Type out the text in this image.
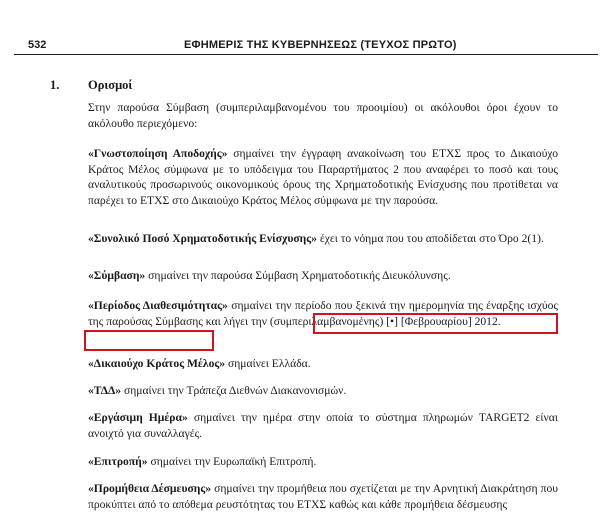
532	ΕΦΗΜΕΡΙΣ ΤΗΣ ΚΥΒΕΡΝΗΣΕΩΣ (ΤΕΥΧΟΣ ΠΡΩΤΟ)
1. Ορισμοί

Στην παρούσα Σύμβαση (συμπεριλαμβανομένου του προοιμίου) οι ακόλουθοι όροι έχουν το ακόλουθο περιεχόμενο:

«Γνωστοποίηση Αποδοχής» σημαίνει την έγγραφη ανακοίνωση του ΕΤΧΣ προς το Δικαιούχο Κράτος Μέλος σύμφωνα με το υπόδειγμα του Παραρτήματος 2 που αναφέρει το ποσό και τους αναλυτικούς προσωρινούς οικονομικούς όρους της Χρηματοδοτικής Ενίσχυσης που προτίθεται να παρέχει το ΕΤΧΣ στο Δικαιούχο Κράτος Μέλος σύμφωνα με την παρούσα.

«Συνολικό Ποσό Χρηματοδοτικής Ενίσχυσης» έχει το νόημα που του αποδίδεται στο Όρο 2(1).

«Σύμβαση» σημαίνει την παρούσα Σύμβαση Χρηματοδοτικής Διευκόλυνσης.

«Περίοδος Διαθεσιμότητας» σημαίνει την περίοδο που ξεκινά την ημερομηνία της έναρξης ισχύος της παρούσας Σύμβασης και λήγει την (συμπεριλαμβανομένης) [•] [Φεβρουαρίου] 2012.

«Δικαιούχο Κράτος Μέλος» σημαίνει Ελλάδα.

«ΤΔΔ» σημαίνει την Τράπεζα Διεθνών Διακανονισμών.

«Εργάσιμη Ημέρα» σημαίνει την ημέρα στην οποία το σύστημα πληρωμών TARGET2 είναι ανοιχτό για συναλλαγές.

«Επιτροπή» σημαίνει την Ευρωπαϊκή Επιτροπή.

«Προμήθεια Δέσμευσης» σημαίνει την προμήθεια που σχετίζεται με την Αρνητική Διακράτηση που προκύπτει από το απόθεμα ρευστότητας του ΕΤΧΣ καθώς και κάθε προμήθεια δέσμευσης
